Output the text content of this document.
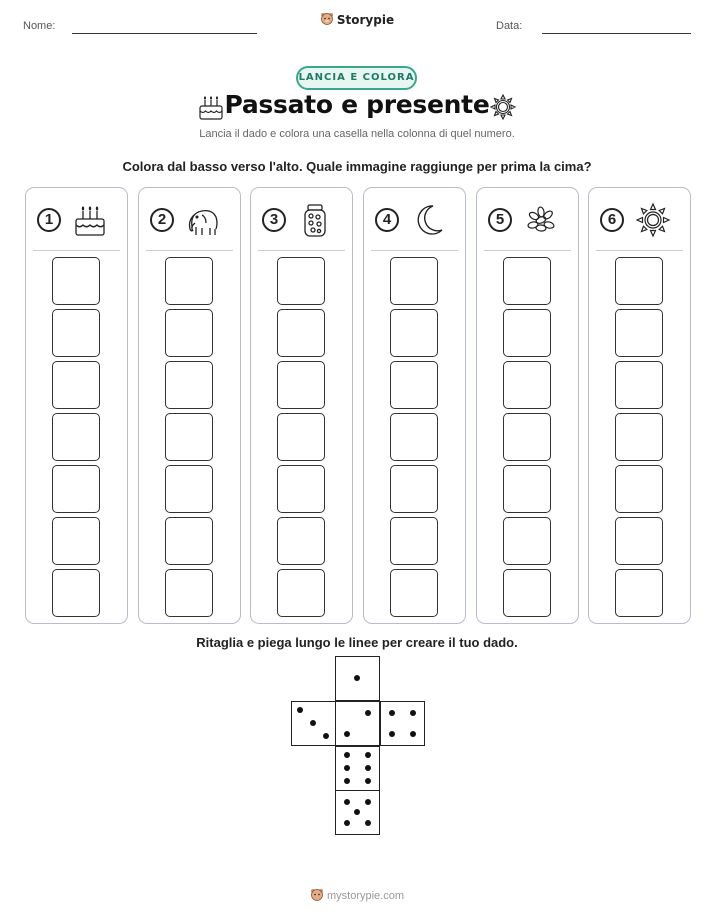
Nome:	Storypie	Data:
LANCIA E COLORA
Passato e presente
Lancia il dado e colora una casella nella colonna di quel numero.
Colora dal basso verso l'alto. Quale immagine raggiunge per prima la cima?
1	2	3	4	5	6
Ritaglia e piega lungo le linee per creare il tuo dado.
mystorypie.com
